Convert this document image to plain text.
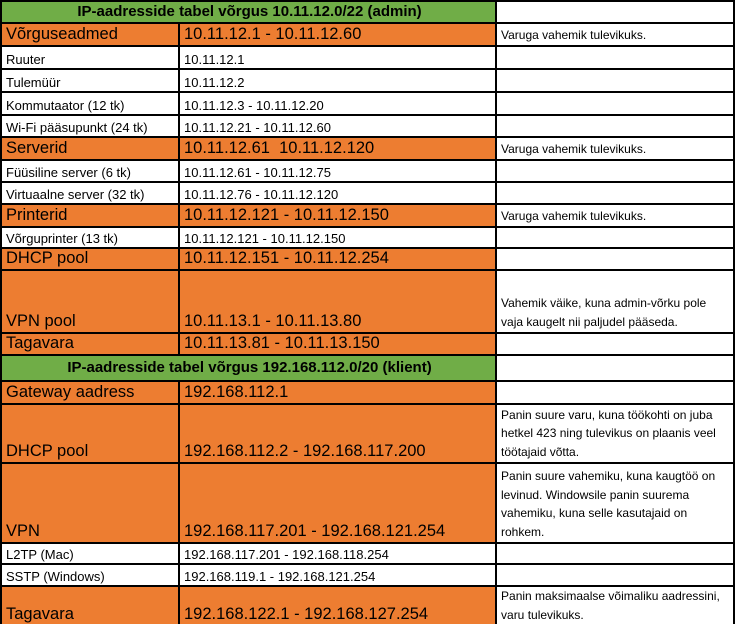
IP-aadresside tabel võrgus 10.11.12.0/22 (admin)		
Võrguseadmed	10.11.12.1 - 10.11.12.60	Varuga vahemik tulevikuks.
Ruuter	10.11.12.1	
Tulemüür	10.11.12.2	
Kommutaator (12 tk)	10.11.12.3 - 10.11.12.20	
Wi-Fi pääsupunkt (24 tk)	10.11.12.21 - 10.11.12.60	
Serverid	10.11.12.61  10.11.12.120	Varuga vahemik tulevikuks.
Füüsiline server (6 tk)	10.11.12.61 - 10.11.12.75	
Virtuaalne server (32 tk)	10.11.12.76 - 10.11.12.120	
Printerid	10.11.12.121 - 10.11.12.150	Varuga vahemik tulevikuks.
Võrguprinter (13 tk)	10.11.12.121 - 10.11.12.150	
DHCP pool	10.11.12.151 - 10.11.12.254	
VPN pool	10.11.13.1 - 10.11.13.80	Vahemik väike, kuna admin-võrku pole vaja kaugelt nii paljudel pääseda.
Tagavara	10.11.13.81 - 10.11.13.150	
IP-aadresside tabel võrgus 192.168.112.0/20 (klient)		
Gateway aadress	192.168.112.1	
DHCP pool	192.168.112.2 - 192.168.117.200	Panin suure varu, kuna töökohti on juba hetkel 423 ning tulevikus on plaanis veel töötajaid võtta.
VPN	192.168.117.201 - 192.168.121.254	Panin suure vahemiku, kuna kaugtöö on levinud. Windowsile panin suurema vahemiku, kuna selle kasutajaid on rohkem.
L2TP (Mac)	192.168.117.201 - 192.168.118.254	
SSTP (Windows)	192.168.119.1 - 192.168.121.254	
Tagavara	192.168.122.1 - 192.168.127.254	Panin maksimaalse võimaliku aadressini, varu tulevikuks.
